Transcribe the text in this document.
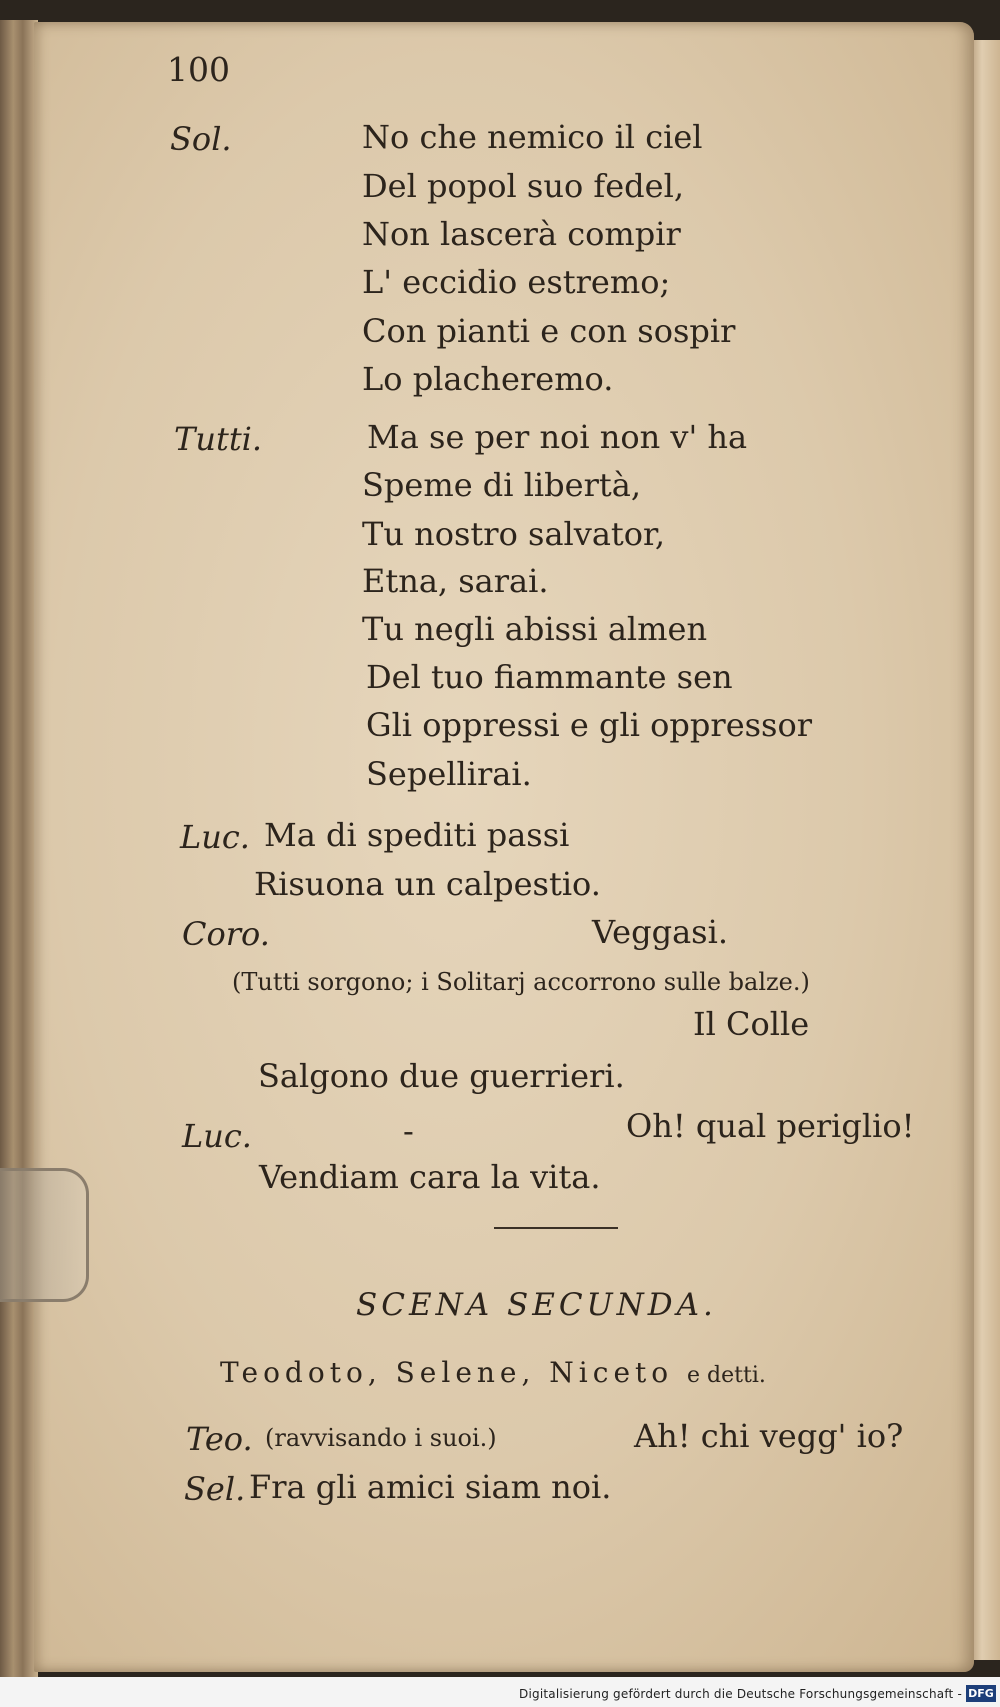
100
Sol.	No che nemico il ciel
Del popol suo fedel,
Non lascerà compir
L' eccidio estremo;
Con pianti e con sospir
Lo placheremo.
Tutti.	Ma se per noi non v' ha
Speme di libertà,
Tu nostro salvator,
Etna, sarai.
Tu negli abissi almen
Del tuo fiammante sen
Gli oppressi e gli oppressor
Sepellirai.
Luc. Ma di spediti passi
Risuona un calpestio.
Coro.	Veggasi.
(Tutti sorgono; i Solitarj accorrono sulle balze.)
Il Colle
Salgono due guerrieri.
Luc.	-	Oh! qual periglio!
Vendiam cara la vita.
SCENA SECUNDA.
Teodoto, Selene, Niceto e detti.
Teo. (ravvisando i suoi.)	Ah! chi vegg' io?
Sel. Fra gli amici siam noi.
Digitalisierung gefördert durch die Deutsche Forschungsgemeinschaft - DFG
